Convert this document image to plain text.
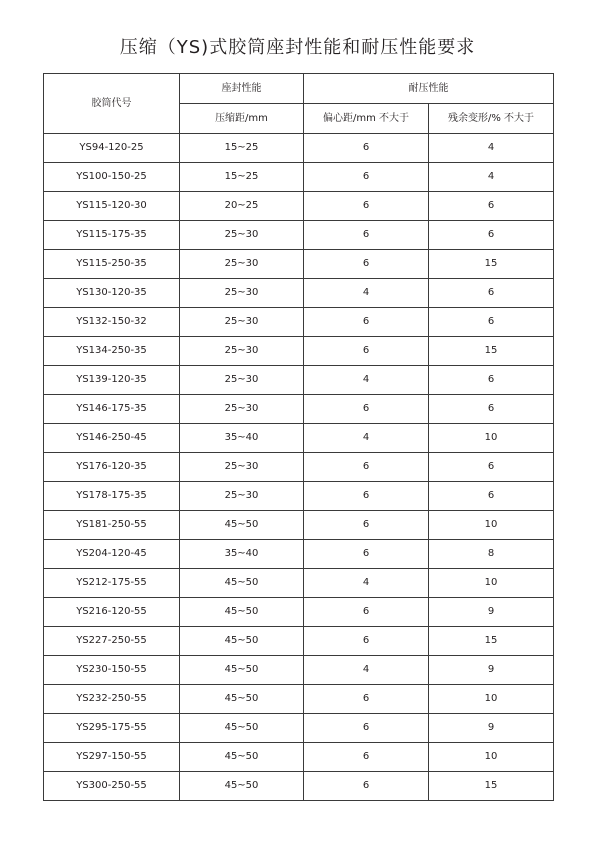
压缩（YS)式胶筒座封性能和耐压性能要求
胶筒代号	座封性能	耐压性能	
	压缩距/mm	偏心距/mm 不大于	残余变形/% 不大于
YS94-120-25	15~25	6	4
YS100-150-25	15~25	6	4
YS115-120-30	20~25	6	6
YS115-175-35	25~30	6	6
YS115-250-35	25~30	6	15
YS130-120-35	25~30	4	6
YS132-150-32	25~30	6	6
YS134-250-35	25~30	6	15
YS139-120-35	25~30	4	6
YS146-175-35	25~30	6	6
YS146-250-45	35~40	4	10
YS176-120-35	25~30	6	6
YS178-175-35	25~30	6	6
YS181-250-55	45~50	6	10
YS204-120-45	35~40	6	8
YS212-175-55	45~50	4	10
YS216-120-55	45~50	6	9
YS227-250-55	45~50	6	15
YS230-150-55	45~50	4	9
YS232-250-55	45~50	6	10
YS295-175-55	45~50	6	9
YS297-150-55	45~50	6	10
YS300-250-55	45~50	6	15
